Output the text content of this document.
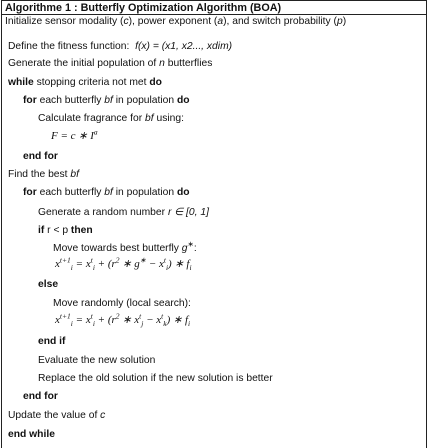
Algorithme 1 : Butterfly Optimization Algorithm (BOA)
Initialize sensor modality (c), power exponent (a), and switch probability (p)
Define the fitness function: f(x) = (x1, x2..., xdim)
Generate the initial population of n butterflies
while stopping criteria not met do
for each butterfly bf in population do
Calculate fragrance for bf using:
F = c ∗ $I^a$
end for
Find the best bf
for each butterfly bf in population do
Generate a random number r ∈ [0, 1]
if r < p then
Move towards best butterfly g∗:
$x^{t+1}_i = x^t_i + (r^2$ ∗ $g^∗ - x^t_i$) ∗ $f_i$
else
Move randomly (local search):
$x^{t+1}_i = x^t_i + (r^2$ ∗ $x^t_j - x^t_k$) ∗ $f_i$
end if
Evaluate the new solution
Replace the old solution if the new solution is better
end for
Update the value of c
end while
